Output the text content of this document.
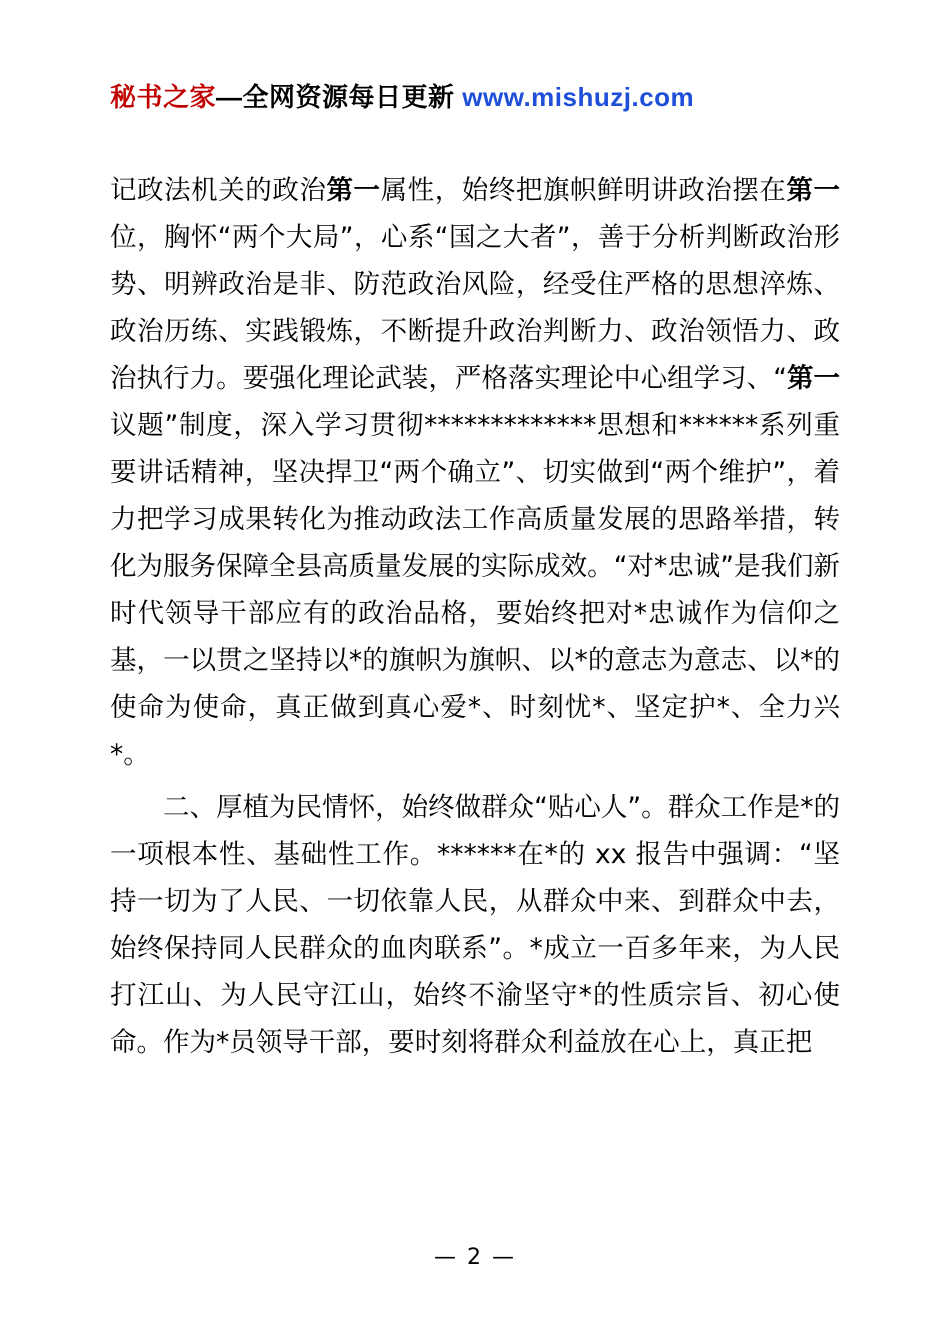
秘书之家—全网资源每日更新 www.mishuzj.com
记政法机关的政治第一属性，始终把旗帜鲜明讲政治摆在第一位，胸怀“两个大局”，心系“国之大者”，善于分析判断政治形势、明辨政治是非、防范政治风险，经受住严格的思想淬炼、政治历练、实践锻炼，不断提升政治判断力、政治领悟力、政治执行力。要强化理论武装，严格落实理论中心组学习、“第一议题”制度，深入学习贯彻*************思想和******系列重要讲话精神，坚决捍卫“两个确立”、切实做到“两个维护”，着力把学习成果转化为推动政法工作高质量发展的思路举措，转化为服务保障全县高质量发展的实际成效。“对*忠诚”是我们新时代领导干部应有的政治品格，要始终把对*忠诚作为信仰之基，一以贯之坚持以*的旗帜为旗帜、以*的意志为意志、以*的使命为使命，真正做到真心爱*、时刻忧*、坚定护*、全力兴*。
二、厚植为民情怀，始终做群众“贴心人”。群众工作是*的一项根本性、基础性工作。******在*的 xx 报告中强调：“坚持一切为了人民、一切依靠人民，从群众中来、到群众中去，始终保持同人民群众的血肉联系”。*成立一百多年来，为人民打江山、为人民守江山，始终不渝坚守*的性质宗旨、初心使命。作为*员领导干部，要时刻将群众利益放在心上，真正把
— 2 —
